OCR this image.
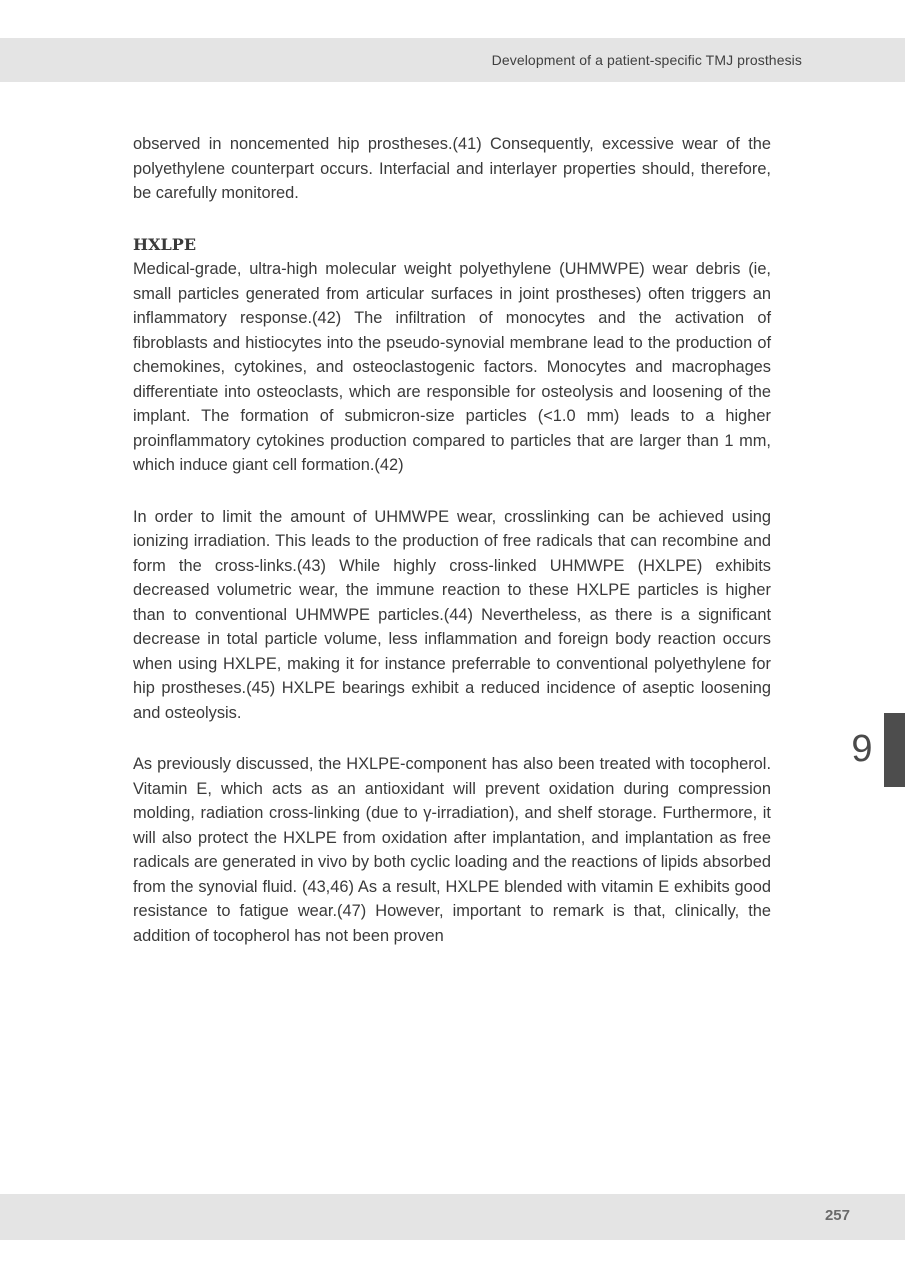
Development of a patient-specific TMJ prosthesis

observed in noncemented hip prostheses.(41) Consequently, excessive wear of the polyethylene counterpart occurs. Interfacial and interlayer properties should, therefore, be carefully monitored.

HXLPE

Medical-grade, ultra-high molecular weight polyethylene (UHMWPE) wear debris (ie, small particles generated from articular surfaces in joint prostheses) often triggers an inflammatory response.(42) The infiltration of monocytes and the activation of fibroblasts and histiocytes into the pseudo-synovial membrane lead to the production of chemokines, cytokines, and osteoclastogenic factors. Monocytes and macrophages differentiate into osteoclasts, which are responsible for osteolysis and loosening of the implant. The formation of submicron-size particles (<1.0 mm) leads to a higher proinflammatory cytokines production compared to particles that are larger than 1 mm, which induce giant cell formation.(42)

In order to limit the amount of UHMWPE wear, crosslinking can be achieved using ionizing irradiation. This leads to the production of free radicals that can recombine and form the cross-links.(43) While highly cross-linked UHMWPE (HXLPE) exhibits decreased volumetric wear, the immune reaction to these HXLPE particles is higher than to conventional UHMWPE particles.(44) Nevertheless, as there is a significant decrease in total particle volume, less inflammation and foreign body reaction occurs when using HXLPE, making it for instance preferrable to conventional polyethylene for hip prostheses.(45) HXLPE bearings exhibit a reduced incidence of aseptic loosening and osteolysis.

As previously discussed, the HXLPE-component has also been treated with tocopherol. Vitamin E, which acts as an antioxidant will prevent oxidation during compression molding, radiation cross-linking (due to γ-irradiation), and shelf storage. Furthermore, it will also protect the HXLPE from oxidation after implantation, and implantation as free radicals are generated in vivo by both cyclic loading and the reactions of lipids absorbed from the synovial fluid. (43,46) As a result, HXLPE blended with vitamin E exhibits good resistance to fatigue wear.(47) However, important to remark is that, clinically, the addition of tocopherol has not been proven

9
257
